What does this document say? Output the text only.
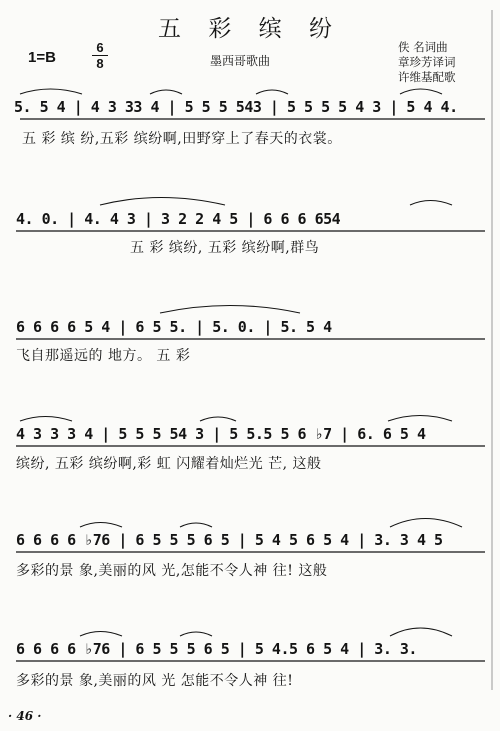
五 彩 缤 纷
1=B
6
8	墨西哥歌曲
佚 名词曲
章珍芳译词
许维基配歌
5. 5 4 | 4 3 33 4 | 5 5 5 543 | 5 5 5 5 4 3 | 5 4 4.
五 彩 缤 纷,五彩 缤纷啊,田野穿上了春天的衣裳。
4. 0. | 4. 4 3 | 3 2 2 4 5 | 6 6 6 654
五 彩 缤纷, 五彩 缤纷啊,群鸟
6 6 6 6 5 4 | 6 5 5. | 5. 0. | 5. 5 4
飞自那遥远的 地方。 五 彩
4 3 3 3 4 | 5 5 5 54 3 | 5 5.5 5 6 ♭7 | 6. 6 5 4
缤纷, 五彩 缤纷啊,彩 虹 闪耀着灿烂光 芒, 这般
6 6 6 6 ♭76 | 6 5 5 5 6 5 | 5 4 5 6 5 4 | 3. 3 4 5
多彩的景 象,美丽的风 光,怎能不令人神 往! 这般
6 6 6 6 ♭76 | 6 5 5 5 6 5 | 5 4.5 6 5 4 | 3. 3.
多彩的景 象,美丽的风 光 怎能不令人神 往!
· 46 ·
